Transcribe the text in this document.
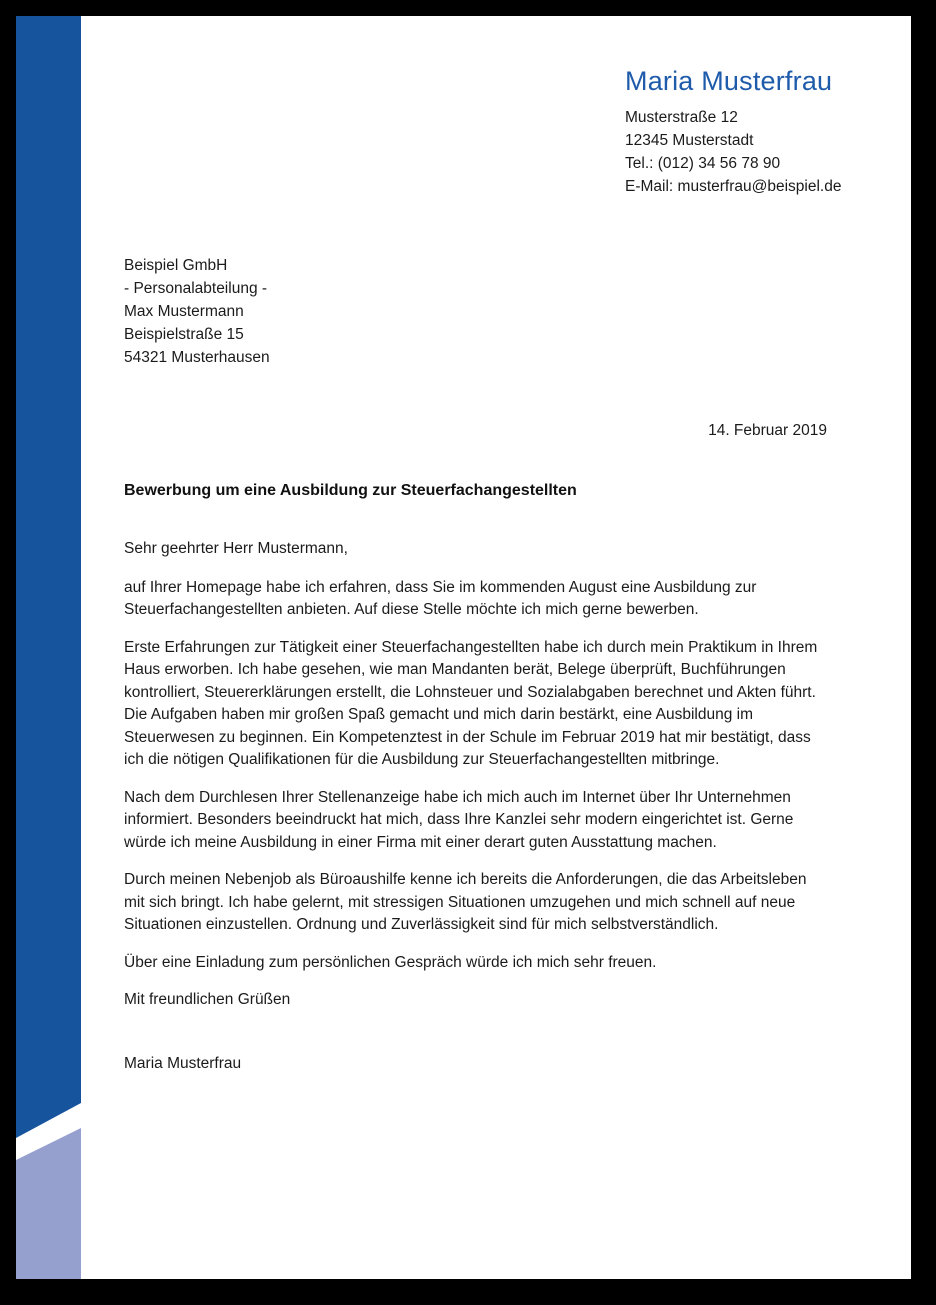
Maria Musterfrau
Musterstraße 12
12345 Musterstadt
Tel.: (012) 34 56 78 90
E-Mail: musterfrau@beispiel.de
Beispiel GmbH
- Personalabteilung -
Max Mustermann
Beispielstraße 15
54321 Musterhausen
14. Februar 2019
Bewerbung um eine Ausbildung zur Steuerfachangestellten

Sehr geehrter Herr Mustermann,

auf Ihrer Homepage habe ich erfahren, dass Sie im kommenden August eine Ausbildung zur Steuerfachangestellten anbieten. Auf diese Stelle möchte ich mich gerne bewerben.

Erste Erfahrungen zur Tätigkeit einer Steuerfachangestellten habe ich durch mein Praktikum in Ihrem Haus erworben. Ich habe gesehen, wie man Mandanten berät, Belege überprüft, Buchführungen kontrolliert, Steuererklärungen erstellt, die Lohnsteuer und Sozialabgaben berechnet und Akten führt. Die Aufgaben haben mir großen Spaß gemacht und mich darin bestärkt, eine Ausbildung im Steuerwesen zu beginnen. Ein Kompetenztest in der Schule im Februar 2019 hat mir bestätigt, dass ich die nötigen Qualifikationen für die Ausbildung zur Steuerfachangestellten mitbringe.

Nach dem Durchlesen Ihrer Stellenanzeige habe ich mich auch im Internet über Ihr Unternehmen informiert. Besonders beeindruckt hat mich, dass Ihre Kanzlei sehr modern eingerichtet ist. Gerne würde ich meine Ausbildung in einer Firma mit einer derart guten Ausstattung machen.

Durch meinen Nebenjob als Büroaushilfe kenne ich bereits die Anforderungen, die das Arbeitsleben mit sich bringt. Ich habe gelernt, mit stressigen Situationen umzugehen und mich schnell auf neue Situationen einzustellen. Ordnung und Zuverlässigkeit sind für mich selbstverständlich.

Über eine Einladung zum persönlichen Gespräch würde ich mich sehr freuen.

Mit freundlichen Grüßen

Maria Musterfrau
